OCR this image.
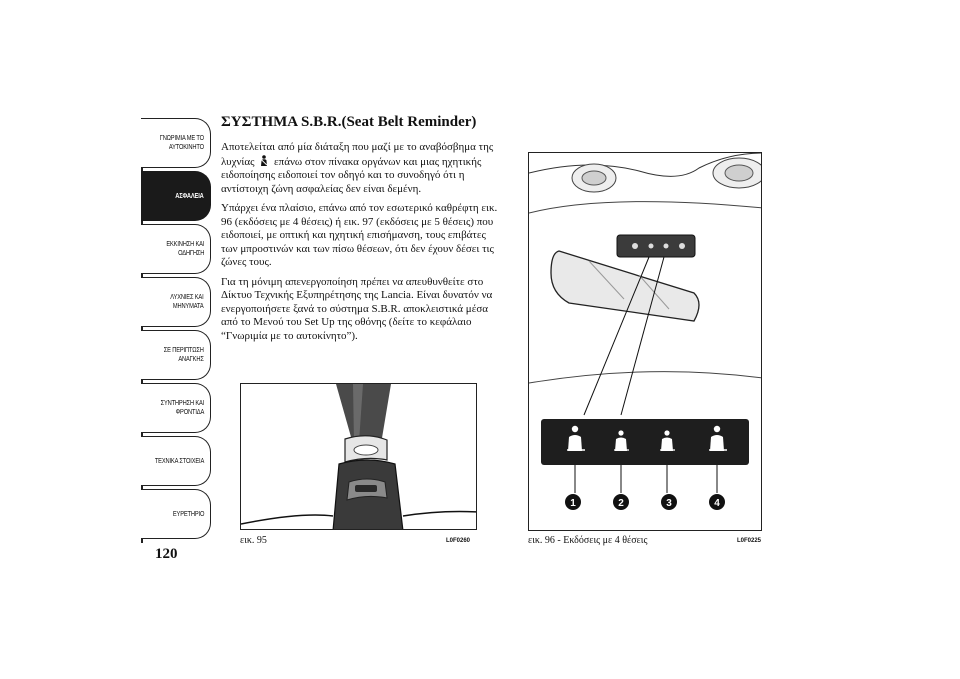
ΓΝΩΡΙΜΙΑ ΜΕ ΤΟ
ΑΥΤΟΚΙΝΗΤΟ
ΑΣΦΑΛΕΙΑ
ΕΚΚΙΝΗΣΗ ΚΑΙ
ΟΔΗΓΗΣΗ
ΛΥΧΝΙΕΣ ΚΑΙ
ΜΗΝΥΜΑΤΑ
ΣΕ ΠΕΡΙΠΤΩΣΗ
ΑΝΑΓΚΗΣ
ΣΥΝΤΗΡΗΣΗ ΚΑΙ
ΦΡΟΝΤΙΔΑ
ΤΕΧΝΙΚΑ ΣΤΟΙΧΕΙΑ
ΕΥΡΕΤΗΡΙΟ
120
ΣΥΣΤΗΜΑ S.B.R.(Seat Belt Reminder)

Αποτελείται από μία διάταξη που μαζί με το αναβόσβημα της λυχνίας επάνω στον πίνακα οργάνων και μιας ηχητικής ειδοποίησης ειδοποιεί τον οδηγό και το συνοδηγό ότι η αντίστοιχη ζώνη ασφαλείας δεν είναι δεμένη.

Υπάρχει ένα πλαίσιο, επάνω από τον εσωτερικό καθρέφτη εικ. 96 (εκδόσεις με 4 θέσεις) ή εικ. 97 (εκδόσεις με 5 θέσεις) που ειδοποιεί, με οπτική και ηχητική επισήμανση, τους επιβάτες των μπροστινών και των πίσω θέσεων, ότι δεν έχουν δέσει τις ζώνες τους.

Για τη μόνιμη απενεργοποίηση πρέπει να απευθυνθείτε στο Δίκτυο Τεχνικής Εξυπηρέτησης της Lancia. Είναι δυνατόν να ενεργοποιήσετε ξανά το σύστημα S.B.R. αποκλειστικά μέσα από το Μενού του Set Up της οθόνης (δείτε το κεφάλαιο “Γνωριμία με το αυτοκίνητο”).

εικ. 95	L0F0260
1	2	3	4
εικ. 96 - Εκδόσεις με 4 θέσεις	L0F0225
